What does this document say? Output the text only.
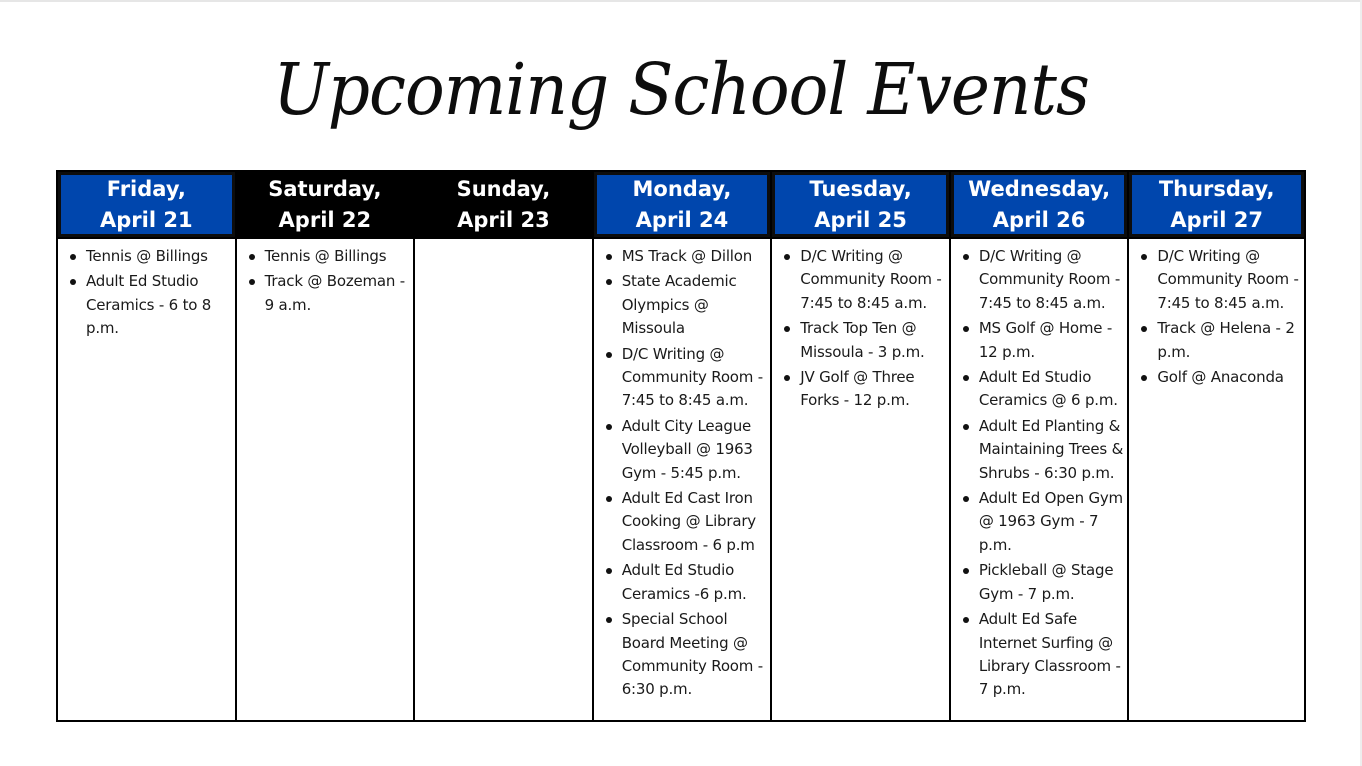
Upcoming School Events
Friday,
April 21
Tennis @ Billings
Adult Ed Studio Ceramics - 6 to 8 p.m.
Saturday,
April 22
Tennis @ Billings
Track @ Bozeman - 9 a.m.
Sunday,
April 23
Monday,
April 24
MS Track @ Dillon
State Academic Olympics @ Missoula
D/C Writing @ Community Room - 7:45 to 8:45 a.m.
Adult City League Volleyball @ 1963 Gym - 5:45 p.m.
Adult Ed Cast Iron Cooking @ Library Classroom - 6 p.m
Adult Ed Studio Ceramics -6 p.m.
Special School Board Meeting @ Community Room - 6:30 p.m.
Tuesday,
April 25
D/C Writing @ Community Room - 7:45 to 8:45 a.m.
Track Top Ten @ Missoula - 3 p.m.
JV Golf @ Three Forks - 12 p.m.
Wednesday,
April 26
D/C Writing @ Community Room - 7:45 to 8:45 a.m.
MS Golf @ Home - 12 p.m.
Adult Ed Studio Ceramics @ 6 p.m.
Adult Ed Planting & Maintaining Trees & Shrubs - 6:30 p.m.
Adult Ed Open Gym @ 1963 Gym - 7 p.m.
Pickleball @ Stage Gym - 7 p.m.
Adult Ed Safe Internet Surfing @ Library Classroom - 7 p.m.
Thursday,
April 27
D/C Writing @ Community Room - 7:45 to 8:45 a.m.
Track @ Helena - 2 p.m.
Golf @ Anaconda
